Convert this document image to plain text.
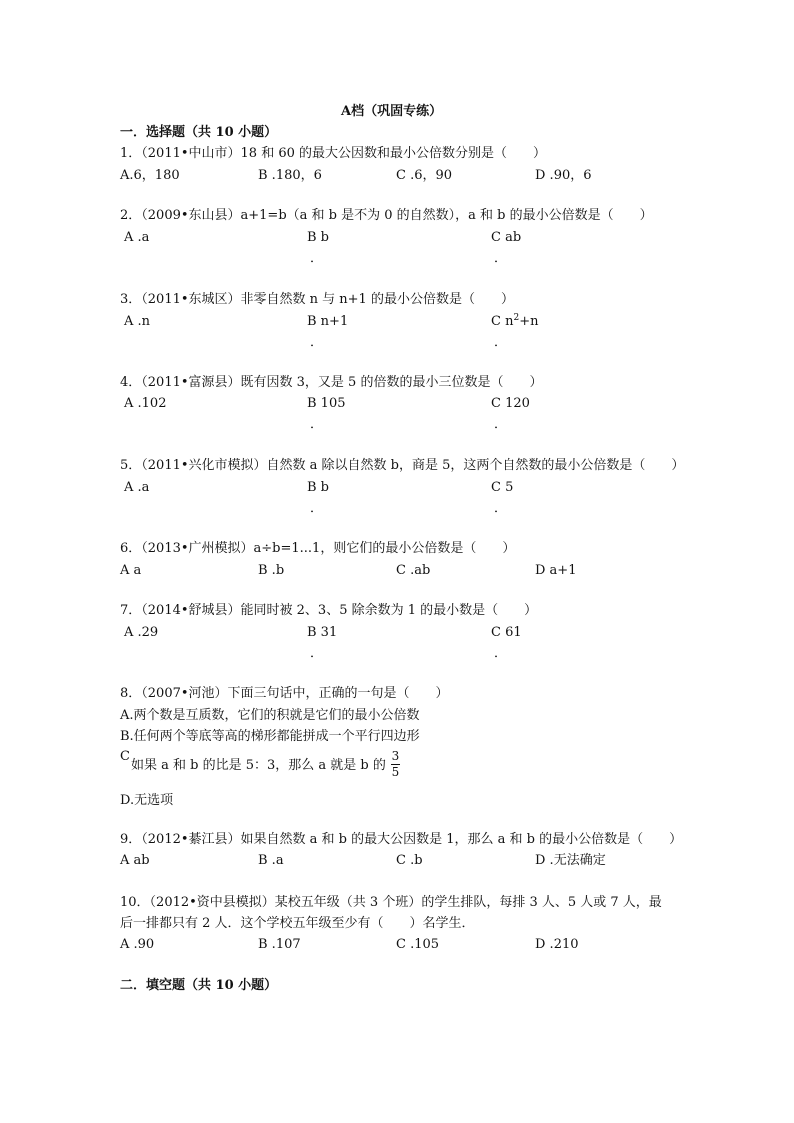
A档（巩固专练）
一．选择题（共 10 小题）
1．（2011•中山市）18 和 60 的最大公因数和最小公倍数分别是（　　）
A.6，180	B .180，6	C .6，90	D .90，6
2．（2009•东山县）a+1=b（a 和 b 是不为 0 的自然数），a 和 b 的最小公倍数是（　　）
A .a	B b	C ab
．	．
3．（2011•东城区）非零自然数 n 与 n+1 的最小公倍数是（　　）
A .n	B n+1	C $n^2+n$
．	．
4．（2011•富源县）既有因数 3，又是 5 的倍数的最小三位数是（　　）
A .102	B 105	C 120
．	．
5．（2011•兴化市模拟）自然数 a 除以自然数 b，商是 5，这两个自然数的最小公倍数是（　　）
A .a	B b	C 5
．	．
6．（2013•广州模拟）a÷b=1...1，则它们的最小公倍数是（　　）
A a	B .b	C .ab	D a+1
7．（2014•舒城县）能同时被 2、3、5 除余数为 1 的最小数是（　　）
A .29	B 31	C 61
．	．
8．（2007•河池）下面三句话中，正确的一句是（　　）
A.两个数是互质数，它们的积就是它们的最小公倍数
B.任何两个等底等高的梯形都能拼成一个平行四边形
C
如果 a 和 b 的比是 5：3，那么 a 就是 b 的
3
5
D.无选项
9．（2012•綦江县）如果自然数 a 和 b 的最大公因数是 1，那么 a 和 b 的最小公倍数是（　　）
A ab	B .a	C .b	D .无法确定
10．（2012•资中县模拟）某校五年级（共 3 个班）的学生排队，每排 3 人、5 人或 7 人，最
后一排都只有 2 人．这个学校五年级至少有（　　）名学生．
A .90	B .107	C .105	D .210
二．填空题（共 10 小题）
